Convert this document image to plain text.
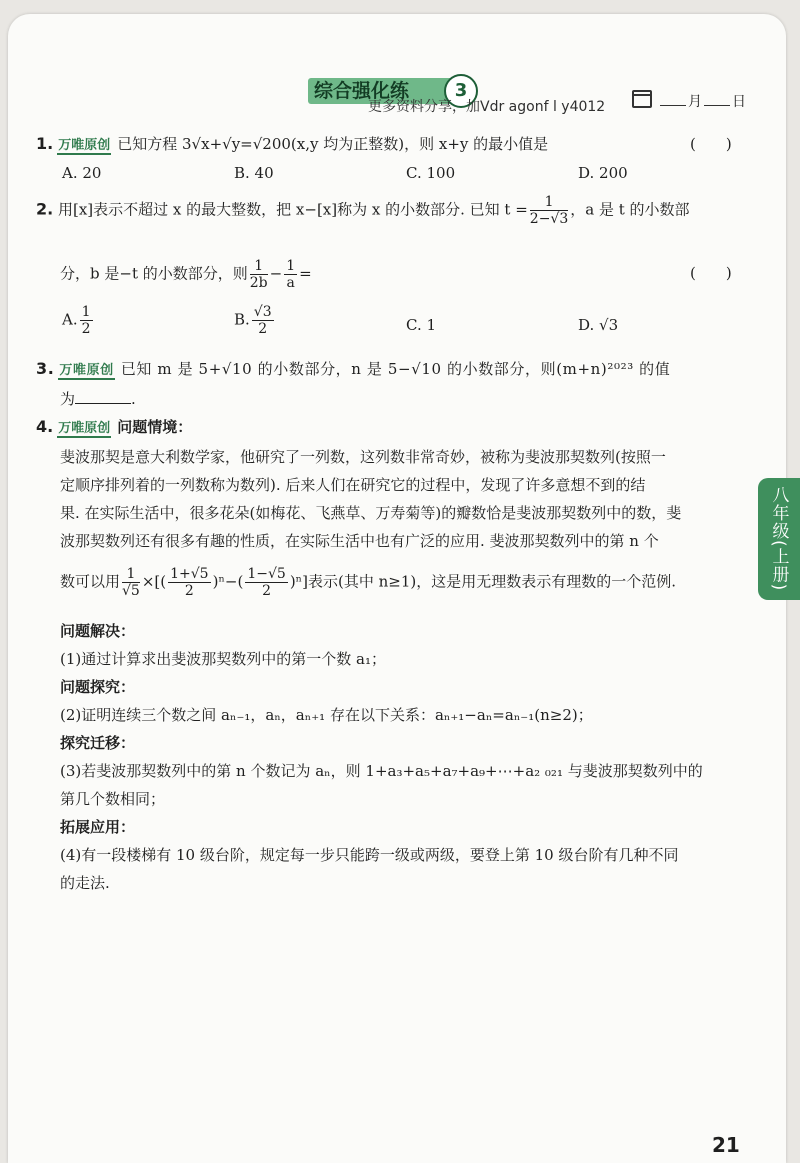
综合强化练	3
更多资料分享，加Vdr agonf l y4012	月 日
1. 万唯原创 已知方程 3√x+√y=√200(x,y 均为正整数)，则 x+y 的最小值是	(　　)
A. 20	B. 40	C. 100	D. 200
2. 用[x]表示不超过 x 的最大整数，把 x−[x]称为 x 的小数部分. 已知 $t = \frac{1}{2-√3}$ ，a 是 t 的小数部
分，b 是−t 的小数部分，则 $\frac{1}{2b} - \frac{1}{a}$ =	(　　)
A. $\frac{1}{2}$	B. $\frac{√3}{2}$	C. 1	D. √3
3. 万唯原创 已知 m 是 5+√10 的小数部分，n 是 5−√10 的小数部分，则(m+n)²⁰²³ 的值
为	.
4. 万唯原创 问题情境：
斐波那契是意大利数学家，他研究了一列数，这列数非常奇妙，被称为斐波那契数列(按照一
定顺序排列着的一列数称为数列). 后来人们在研究它的过程中，发现了许多意想不到的结
果. 在实际生活中，很多花朵(如梅花、飞燕草、万寿菊等)的瓣数恰是斐波那契数列中的数，斐
波那契数列还有很多有趣的性质，在实际生活中也有广泛的应用. 斐波那契数列中的第 n 个
数可以用 $\frac{1}{√5}$ ×[( $\frac{1+√5}{2} )^n-( \frac{1-√5}{2} )^n$]表示(其中 n≥1)，这是用无理数表示有理数的一个范例.
问题解决：
(1)通过计算求出斐波那契数列中的第一个数 a₁；
问题探究：
(2)证明连续三个数之间 aₙ₋₁，aₙ，aₙ₊₁ 存在以下关系：aₙ₊₁−aₙ=aₙ₋₁(n≥2)；
探究迁移：
(3)若斐波那契数列中的第 n 个数记为 aₙ，则 1+a₃+a₅+a₇+a₉+⋯+a₂ ₀₂₁ 与斐波那契数列中的
第几个数相同；
拓展应用：
(4)有一段楼梯有 10 级台阶，规定每一步只能跨一级或两级，要登上第 10 级台阶有几种不同
的走法.
八年级(上册)
21
